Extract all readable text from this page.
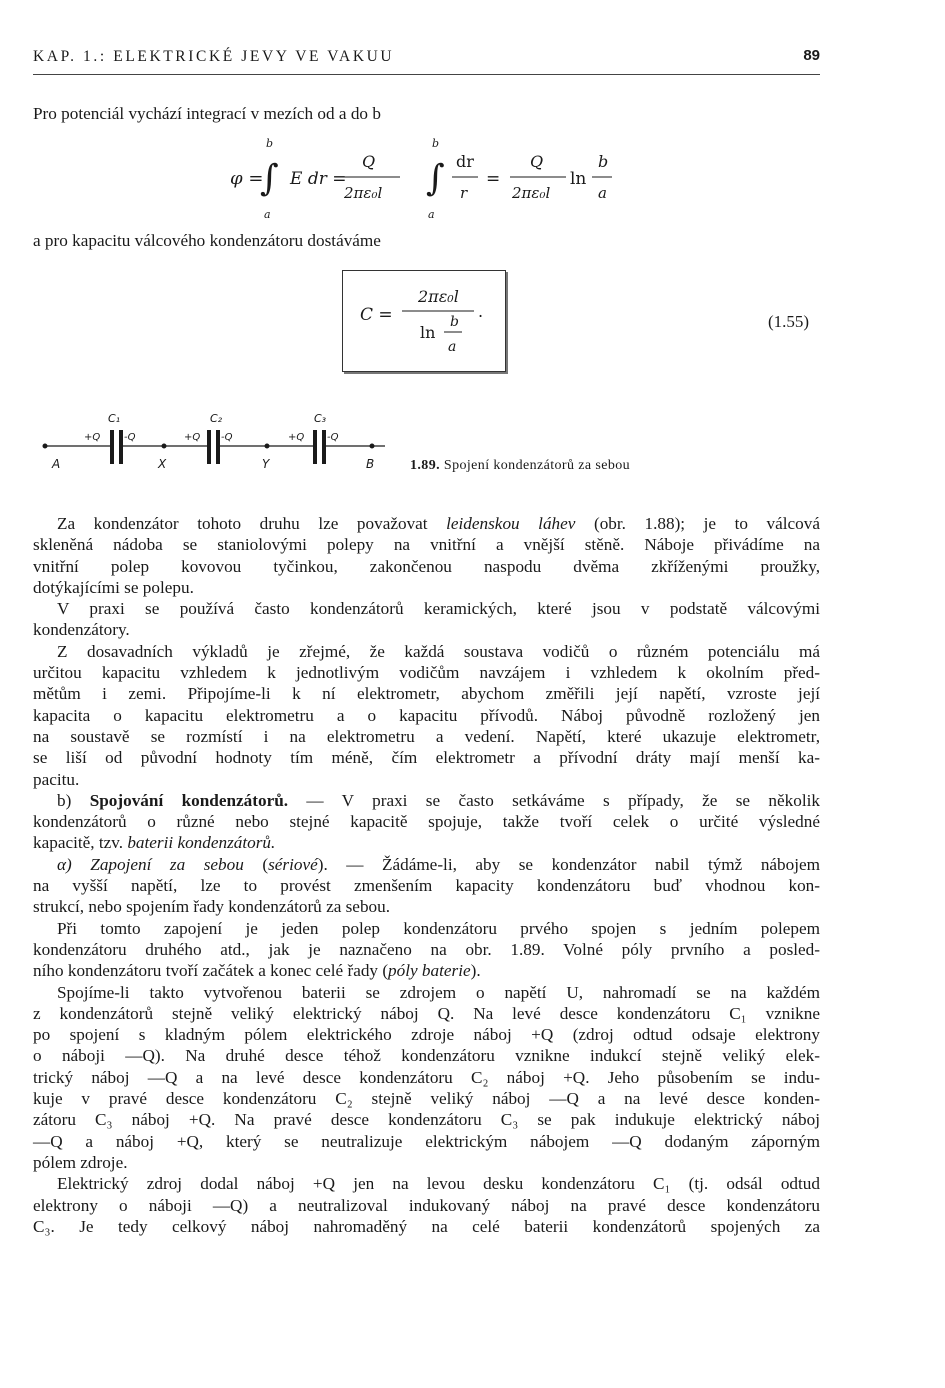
KAP. 1.: ELEKTRICKÉ JEVY VE VAKUU	89
Pro potenciál vychází integrací v mezích od a do b
φ =
b
∫
a
E dr =
Q
2πε₀l
b
∫
a
dr
r
=
Q
2πε₀l
ln
b
a
a pro kapacitu válcového kondenzátoru dostáváme
C =
2πε₀l
.
ln
b
a
(1.55)
C₁	C₂	C₃
+Q -Q	+Q -Q	+Q -Q
A	X	Y	B	1.89. Spojení kondenzátorů za sebou
Za kondenzátor tohoto druhu lze považovat leidenskou láhev (obr. 1.88); je to válcová
skleněná nádoba se staniolovými polepy na vnitřní a vnější stěně. Náboje přivádíme na
vnitřní polep kovovou tyčinkou, zakončenou naspodu dvěma zkříženými proužky,
dotýkajícími se polepu.
V praxi se používá často kondenzátorů keramických, které jsou v podstatě válcovými
kondenzátory.
Z dosavadních výkladů je zřejmé, že každá soustava vodičů o různém potenciálu má
určitou kapacitu vzhledem k jednotlivým vodičům navzájem i vzhledem k okolním před-
mětům i zemi. Připojíme-li k ní elektrometr, abychom změřili její napětí, vzroste její
kapacita o kapacitu elektrometru a o kapacitu přívodů. Náboj původně rozložený jen
na soustavě se rozmístí i na elektrometru a vedení. Napětí, které ukazuje elektrometr,
se liší od původní hodnoty tím méně, čím elektrometr a přívodní dráty mají menší ka-
pacitu.
b) Spojování kondenzátorů. — V praxi se často setkáváme s případy, že se několik
kondenzátorů o různé nebo stejné kapacitě spojuje, takže tvoří celek o určité výsledné
kapacitě, tzv. baterii kondenzátorů.
α) Zapojení za sebou (sériové). — Žádáme-li, aby se kondenzátor nabil týmž nábojem
na vyšší napětí, lze to provést zmenšením kapacity kondenzátoru buď vhodnou kon-
strukcí, nebo spojením řady kondenzátorů za sebou.
Při tomto zapojení je jeden polep kondenzátoru prvého spojen s jedním polepem
kondenzátoru druhého atd., jak je naznačeno na obr. 1.89. Volné póly prvního a posled-
ního kondenzátoru tvoří začátek a konec celé řady (póly baterie).
Spojíme-li takto vytvořenou baterii se zdrojem o napětí U, nahromadí se na každém
z kondenzátorů stejně veliký elektrický náboj Q. Na levé desce kondenzátoru C₁ vznikne
po spojení s kladným pólem elektrického zdroje náboj +Q (zdroj odtud odsaje elektrony
o náboji —Q). Na druhé desce téhož kondenzátoru vznikne indukcí stejně veliký elek-
trický náboj —Q a na levé desce kondenzátoru C₂ náboj +Q. Jeho působením se indu-
kuje v pravé desce kondenzátoru C₂ stejně veliký náboj —Q a na levé desce konden-
zátoru C₃ náboj +Q. Na pravé desce kondenzátoru C₃ se pak indukuje elektrický náboj
—Q a náboj +Q, který se neutralizuje elektrickým nábojem —Q dodaným záporným
pólem zdroje.
Elektrický zdroj dodal náboj +Q jen na levou desku kondenzátoru C₁ (tj. odsál odtud
elektrony o náboji —Q) a neutralizoval indukovaný náboj na pravé desce kondenzátoru
C₃. Je tedy celkový náboj nahromaděný na celé baterii kondenzátorů spojených za
